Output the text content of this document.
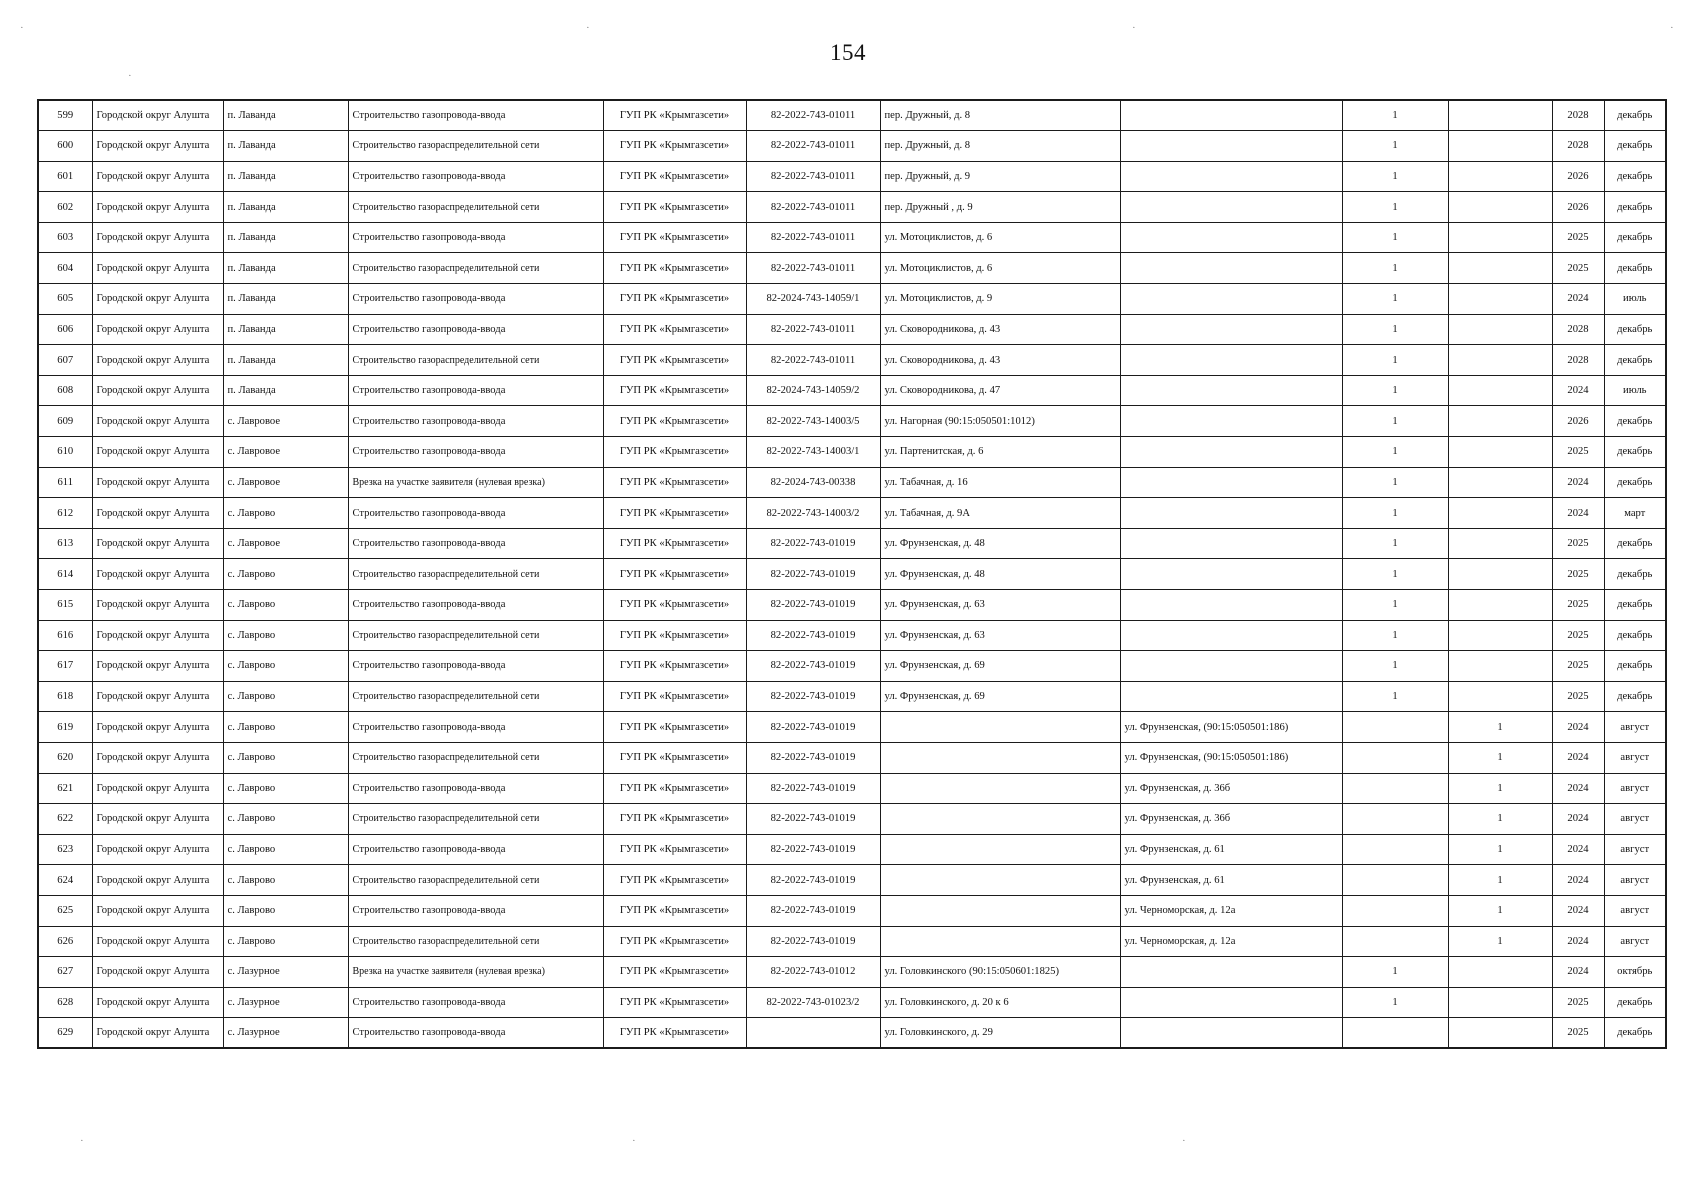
154
·	·	·	·
·
·	·	·
599	Городской округ Алушта	п. Лаванда	Строительство газопровода-ввода	ГУП РК «Крымгазсети»	82-2022-743-01011	пер. Дружный, д. 8		1		2028	декабрь
600	Городской округ Алушта	п. Лаванда	Строительство газораспределительной сети	ГУП РК «Крымгазсети»	82-2022-743-01011	пер. Дружный, д. 8		1		2028	декабрь
601	Городской округ Алушта	п. Лаванда	Строительство газопровода-ввода	ГУП РК «Крымгазсети»	82-2022-743-01011	пер. Дружный, д. 9		1		2026	декабрь
602	Городской округ Алушта	п. Лаванда	Строительство газораспределительной сети	ГУП РК «Крымгазсети»	82-2022-743-01011	пер. Дружный , д. 9		1		2026	декабрь
603	Городской округ Алушта	п. Лаванда	Строительство газопровода-ввода	ГУП РК «Крымгазсети»	82-2022-743-01011	ул. Мотоциклистов, д. 6		1		2025	декабрь
604	Городской округ Алушта	п. Лаванда	Строительство газораспределительной сети	ГУП РК «Крымгазсети»	82-2022-743-01011	ул. Мотоциклистов, д. 6		1		2025	декабрь
605	Городской округ Алушта	п. Лаванда	Строительство газопровода-ввода	ГУП РК «Крымгазсети»	82-2024-743-14059/1	ул. Мотоциклистов, д. 9		1		2024	июль
606	Городской округ Алушта	п. Лаванда	Строительство газопровода-ввода	ГУП РК «Крымгазсети»	82-2022-743-01011	ул. Сковородникова, д. 43		1		2028	декабрь
607	Городской округ Алушта	п. Лаванда	Строительство газораспределительной сети	ГУП РК «Крымгазсети»	82-2022-743-01011	ул. Сковородникова, д. 43		1		2028	декабрь
608	Городской округ Алушта	п. Лаванда	Строительство газопровода-ввода	ГУП РК «Крымгазсети»	82-2024-743-14059/2	ул. Сковородникова, д. 47		1		2024	июль
609	Городской округ Алушта	с. Лавровое	Строительство газопровода-ввода	ГУП РК «Крымгазсети»	82-2022-743-14003/5	ул. Нагорная (90:15:050501:1012)		1		2026	декабрь
610	Городской округ Алушта	с. Лавровое	Строительство газопровода-ввода	ГУП РК «Крымгазсети»	82-2022-743-14003/1	ул. Партенитская, д. 6		1		2025	декабрь
611	Городской округ Алушта	с. Лавровое	Врезка на участке заявителя (нулевая врезка)	ГУП РК «Крымгазсети»	82-2024-743-00338	ул. Табачная, д. 16		1		2024	декабрь
612	Городской округ Алушта	с. Лаврово	Строительство газопровода-ввода	ГУП РК «Крымгазсети»	82-2022-743-14003/2	ул. Табачная, д. 9А		1		2024	март
613	Городской округ Алушта	с. Лавровое	Строительство газопровода-ввода	ГУП РК «Крымгазсети»	82-2022-743-01019	ул. Фрунзенская, д. 48		1		2025	декабрь
614	Городской округ Алушта	с. Лаврово	Строительство газораспределительной сети	ГУП РК «Крымгазсети»	82-2022-743-01019	ул. Фрунзенская, д. 48		1		2025	декабрь
615	Городской округ Алушта	с. Лаврово	Строительство газопровода-ввода	ГУП РК «Крымгазсети»	82-2022-743-01019	ул. Фрунзенская, д. 63		1		2025	декабрь
616	Городской округ Алушта	с. Лаврово	Строительство газораспределительной сети	ГУП РК «Крымгазсети»	82-2022-743-01019	ул. Фрунзенская, д. 63		1		2025	декабрь
617	Городской округ Алушта	с. Лаврово	Строительство газопровода-ввода	ГУП РК «Крымгазсети»	82-2022-743-01019	ул. Фрунзенская, д. 69		1		2025	декабрь
618	Городской округ Алушта	с. Лаврово	Строительство газораспределительной сети	ГУП РК «Крымгазсети»	82-2022-743-01019	ул. Фрунзенская, д. 69		1		2025	декабрь
619	Городской округ Алушта	с. Лаврово	Строительство газопровода-ввода	ГУП РК «Крымгазсети»	82-2022-743-01019		ул. Фрунзенская, (90:15:050501:186)		1	2024	август
620	Городской округ Алушта	с. Лаврово	Строительство газораспределительной сети	ГУП РК «Крымгазсети»	82-2022-743-01019		ул. Фрунзенская, (90:15:050501:186)		1	2024	август
621	Городской округ Алушта	с. Лаврово	Строительство газопровода-ввода	ГУП РК «Крымгазсети»	82-2022-743-01019		ул. Фрунзенская, д. 36б		1	2024	август
622	Городской округ Алушта	с. Лаврово	Строительство газораспределительной сети	ГУП РК «Крымгазсети»	82-2022-743-01019		ул. Фрунзенская, д. 36б		1	2024	август
623	Городской округ Алушта	с. Лаврово	Строительство газопровода-ввода	ГУП РК «Крымгазсети»	82-2022-743-01019		ул. Фрунзенская, д. 61		1	2024	август
624	Городской округ Алушта	с. Лаврово	Строительство газораспределительной сети	ГУП РК «Крымгазсети»	82-2022-743-01019		ул. Фрунзенская, д. 61		1	2024	август
625	Городской округ Алушта	с. Лаврово	Строительство газопровода-ввода	ГУП РК «Крымгазсети»	82-2022-743-01019		ул. Черноморская, д. 12а		1	2024	август
626	Городской округ Алушта	с. Лаврово	Строительство газораспределительной сети	ГУП РК «Крымгазсети»	82-2022-743-01019		ул. Черноморская, д. 12а		1	2024	август
627	Городской округ Алушта	с. Лазурное	Врезка на участке заявителя (нулевая врезка)	ГУП РК «Крымгазсети»	82-2022-743-01012	ул. Головкинского (90:15:050601:1825)		1		2024	октябрь
628	Городской округ Алушта	с. Лазурное	Строительство газопровода-ввода	ГУП РК «Крымгазсети»	82-2022-743-01023/2	ул. Головкинского, д. 20 к 6		1		2025	декабрь
629	Городской округ Алушта	с. Лазурное	Строительство газопровода-ввода	ГУП РК «Крымгазсети»		ул. Головкинского, д. 29				2025	декабрь
